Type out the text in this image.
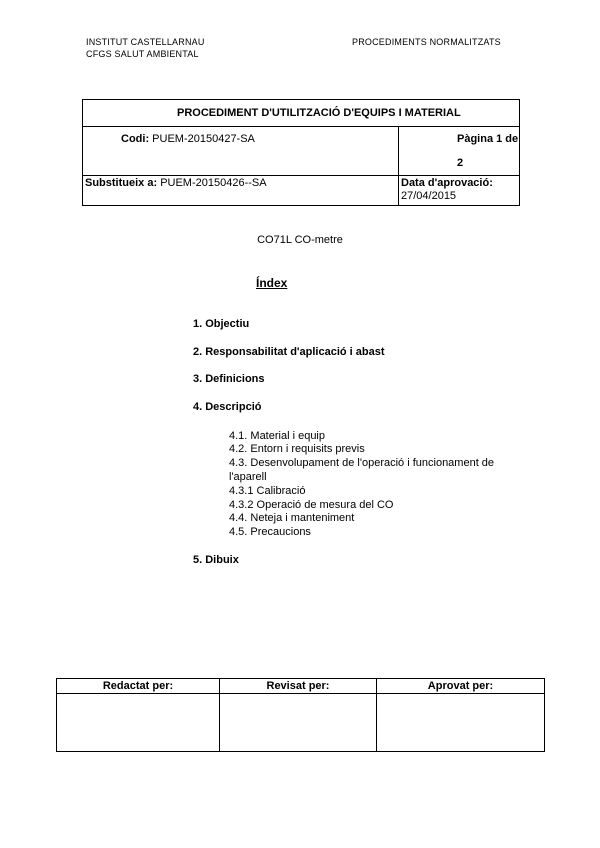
INSTITUT CASTELLARNAU
CFGS SALUT AMBIENTAL
PROCEDIMENTS NORMALITZATS
PROCEDIMENT D'UTILITZACIÓ D'EQUIPS I MATERIAL	
Codi: PUEM-20150427-SA	Pàgina 1 de 2
Substitueix a: PUEM-20150426--SA	Data d'aprovació:
27/04/2015
CO71L CO-metre
Índex
1. Objectiu
2. Responsabilitat d'aplicació i abast
3. Definicions
4. Descripció
4.1. Material i equip
4.2. Entorn i requisits previs
4.3. Desenvolupament de l'operació i funcionament de l'aparell
4.3.1 Calibració
4.3.2 Operació de mesura del CO
4.4. Neteja i manteniment
4.5. Precaucions
5. Dibuix
Redactat per:	Revisat per:	Aprovat per:
